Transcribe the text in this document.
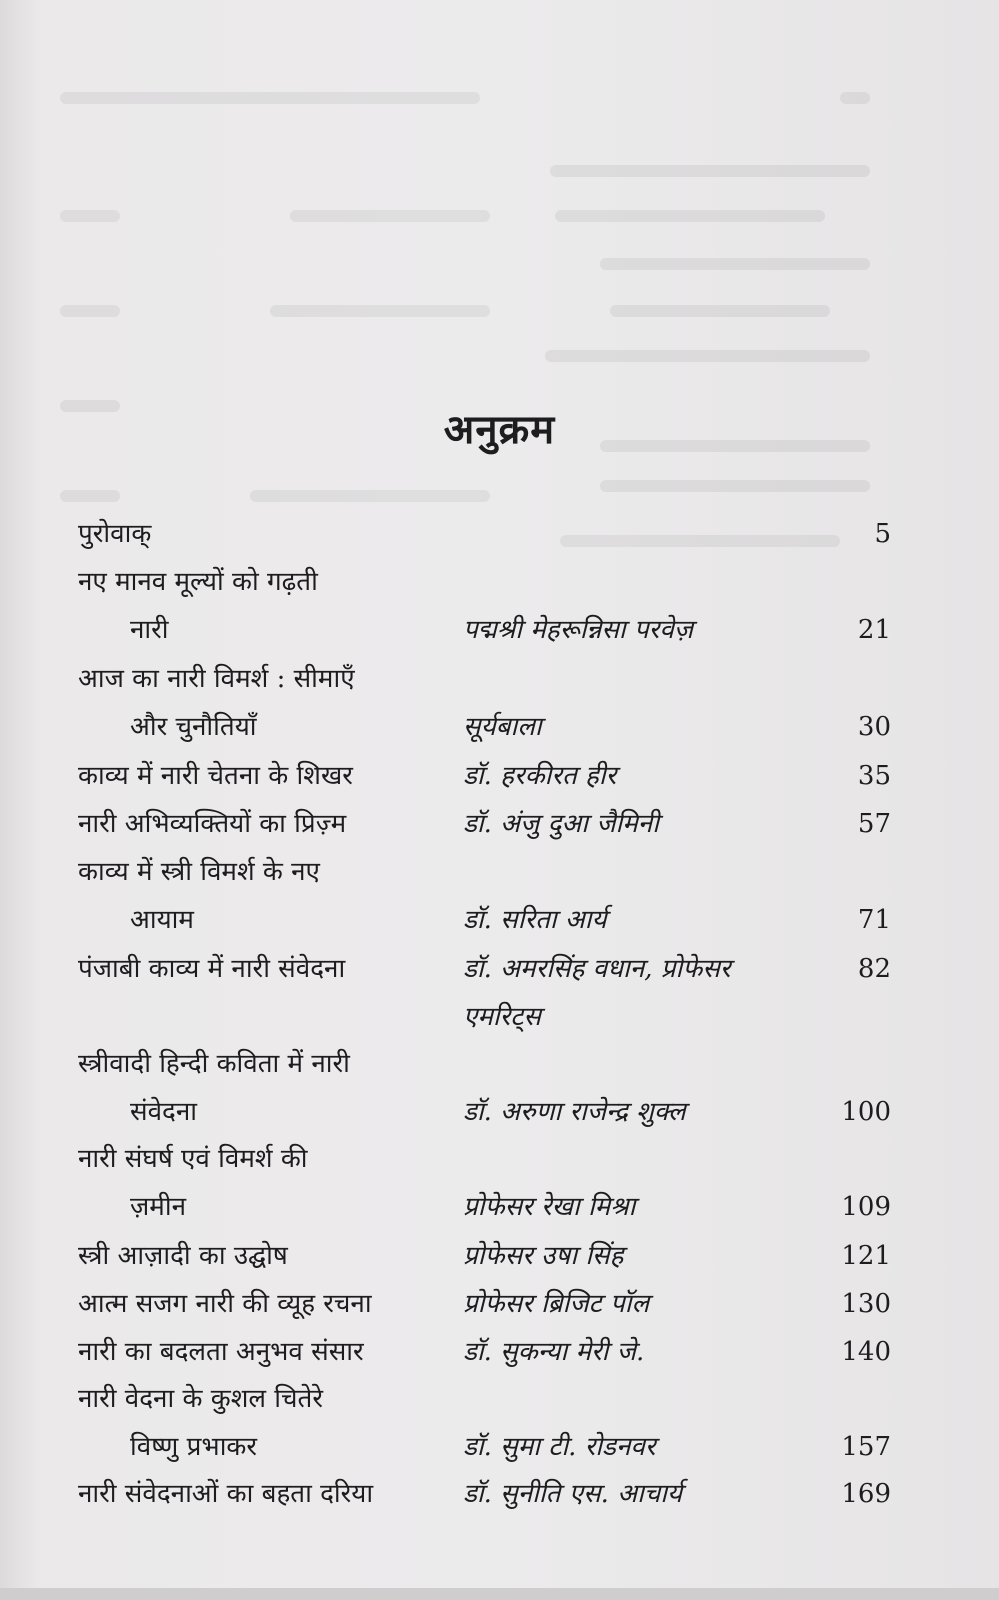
अनुक्रम
पुरोवाक्	5
नए मानव मूल्यों को गढ़ती
नारी	पद्मश्री मेहरून्निसा परवेज़	21
आज का नारी विमर्श : सीमाएँ
और चुनौतियाँ	सूर्यबाला	30
काव्य में नारी चेतना के शिखर	डॉ. हरकीरत हीर	35
नारी अभिव्यक्तियों का प्रिज़्म	डॉ. अंजु दुआ जैमिनी	57
काव्य में स्त्री विमर्श के नए
आयाम	डॉ. सरिता आर्य	71
पंजाबी काव्य में नारी संवेदना	डॉ. अमरसिंह वधान, प्रोफेसर	82
एमरिट्स
स्त्रीवादी हिन्दी कविता में नारी
संवेदना	डॉ. अरुणा राजेन्द्र शुक्ल	100
नारी संघर्ष एवं विमर्श की
ज़मीन	प्रोफेसर रेखा मिश्रा	109
स्त्री आज़ादी का उद्घोष	प्रोफेसर उषा सिंह	121
आत्म सजग नारी की व्यूह रचना	प्रोफेसर ब्रिजिट पॉल	130
नारी का बदलता अनुभव संसार	डॉ. सुकन्या मेरी जे.	140
नारी वेदना के कुशल चितेरे
विष्णु प्रभाकर	डॉ. सुमा टी. रोडनवर	157
नारी संवेदनाओं का बहता दरिया	डॉ. सुनीति एस. आचार्य	169
